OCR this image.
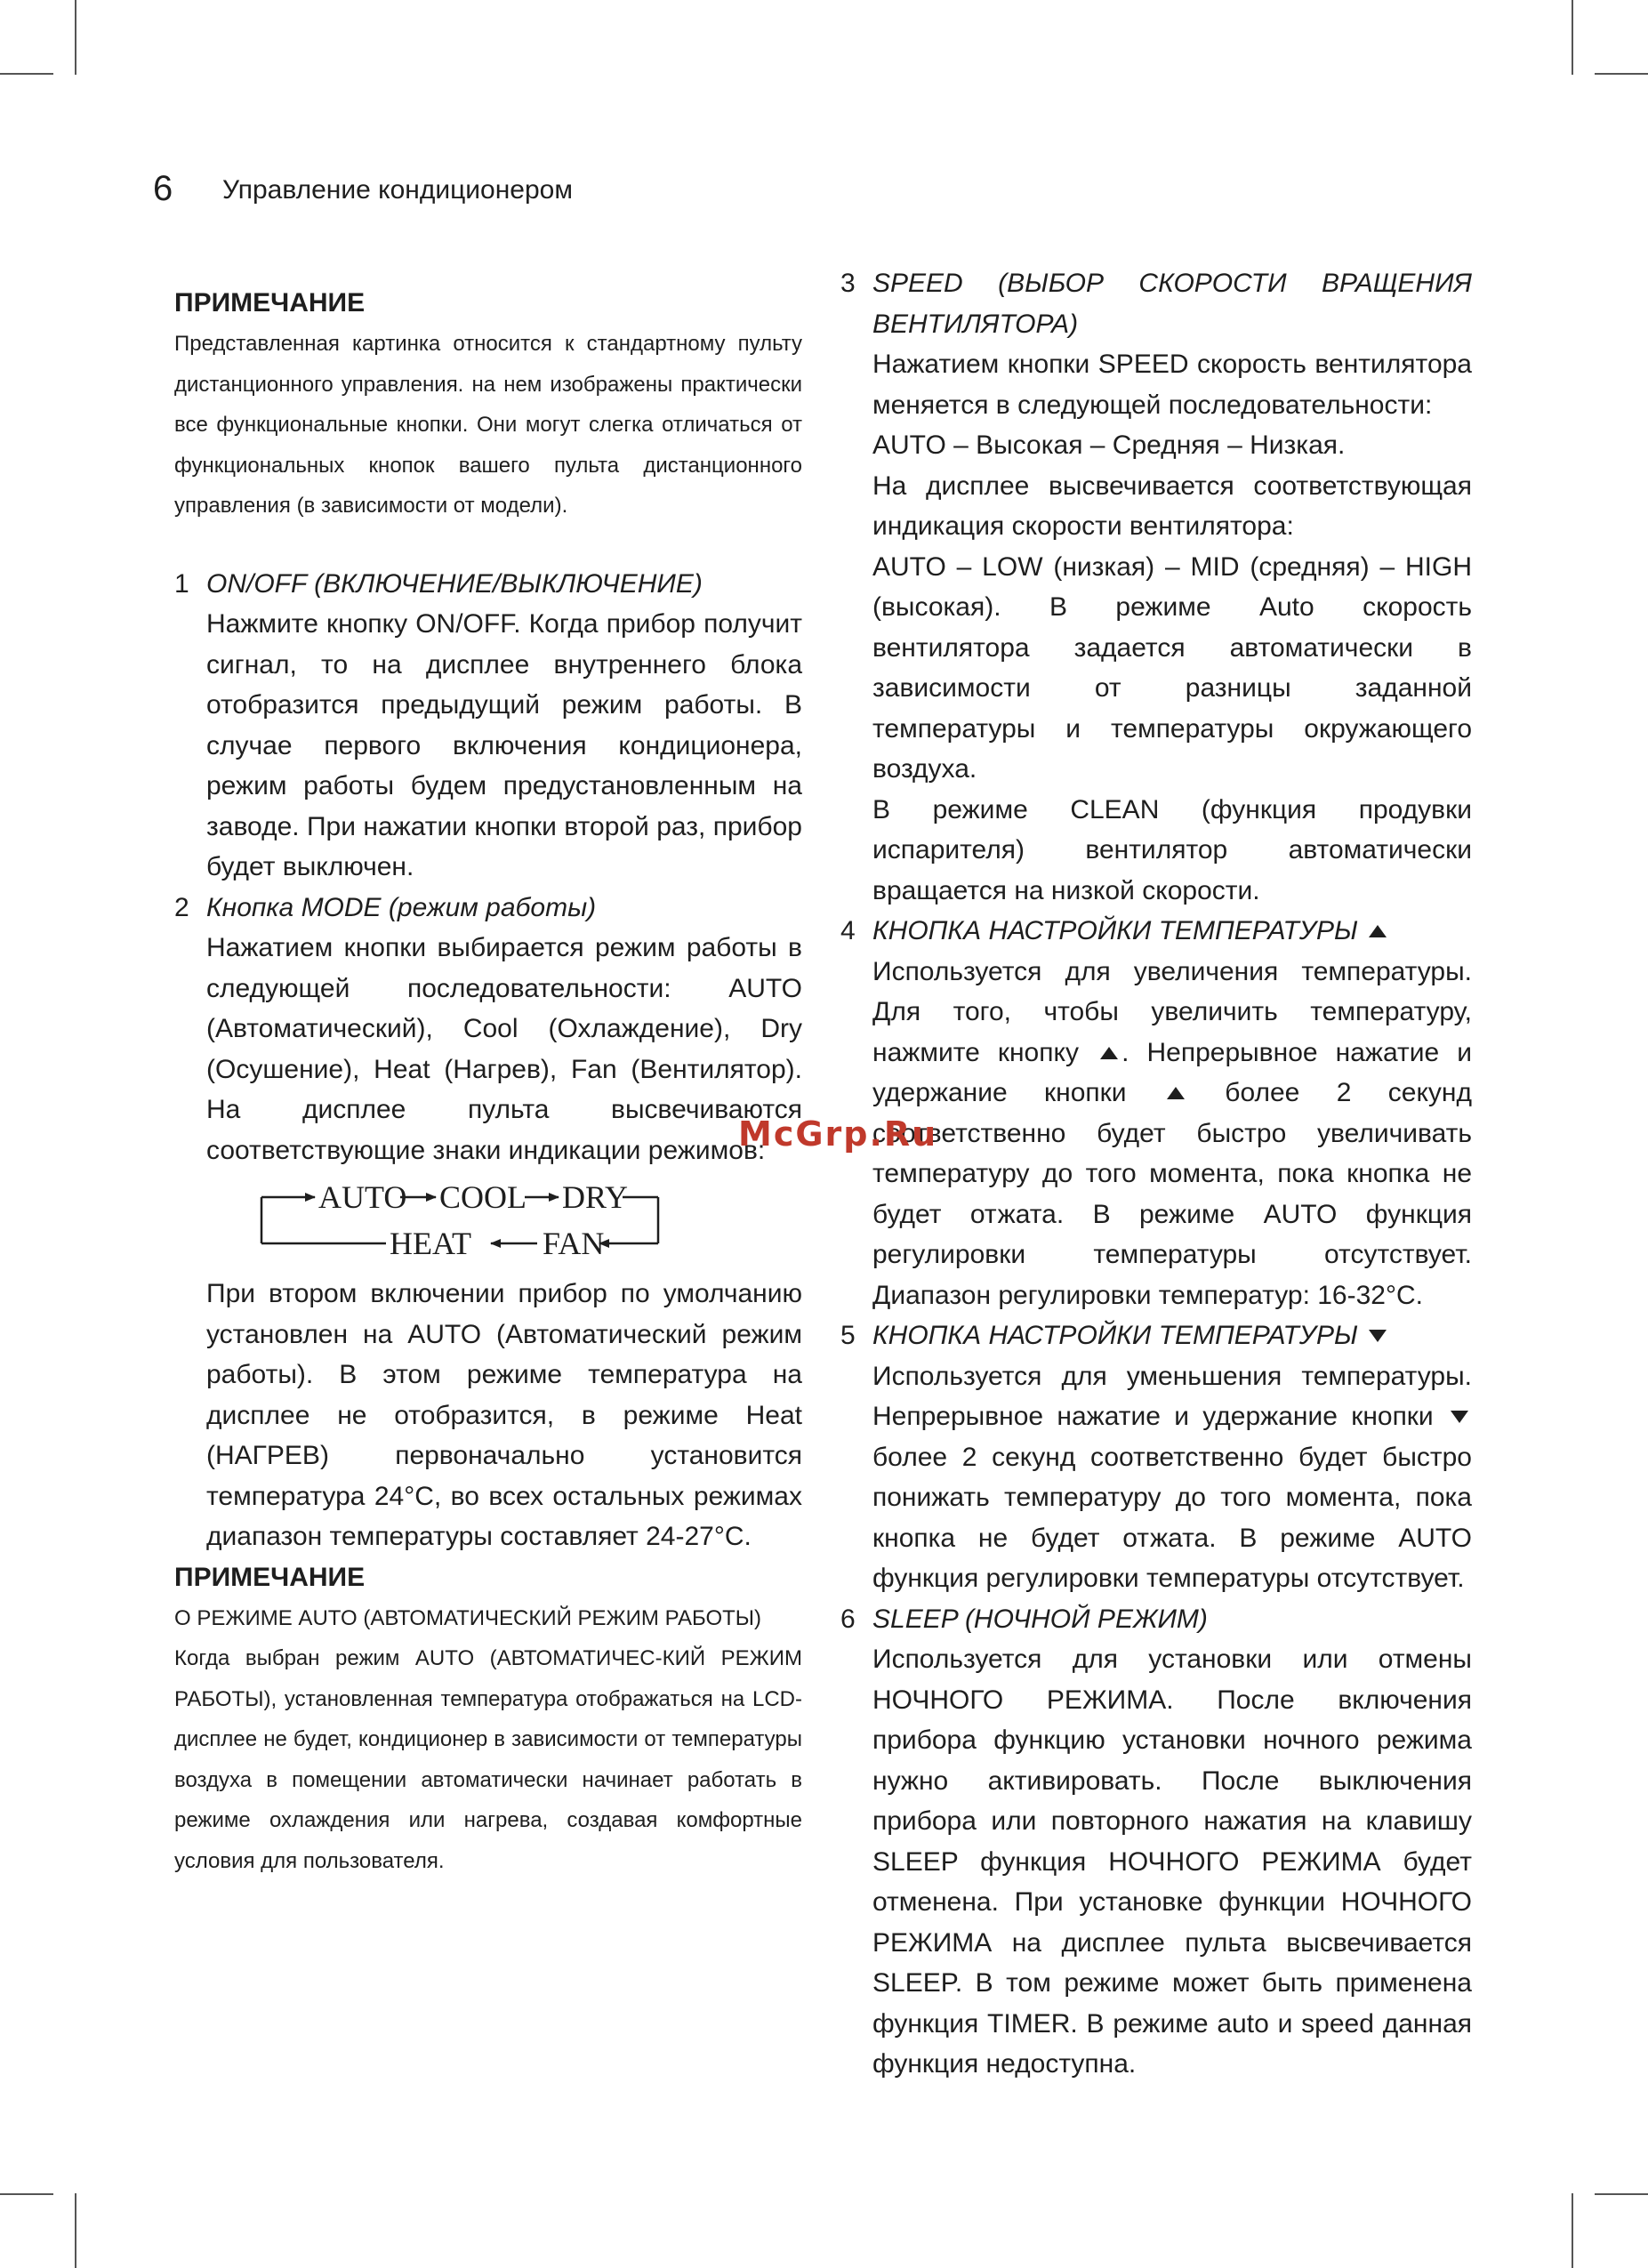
6 Управление кондиционером
ПРИМЕЧАНИЕ
Представленная картинка относится к стандартному пульту дистанционного управления. на нем изображены практически все функциональные кнопки. Они могут слегка отличаться от функциональных кнопок вашего пульта дистанционного управления (в зависимости от модели).
1 ON/OFF (ВКЛЮЧЕНИЕ/ВЫКЛЮЧЕНИЕ)
Нажмите кнопку ON/OFF. Когда прибор получит сигнал, то на дисплее внутреннего блока отобразится предыдущий режим работы. В случае первого включения кондиционера, режим работы будем предустановленным на заводе. При нажатии кнопки второй раз, прибор будет выключен.
2 Кнопка MODE (режим работы)
Нажатием кнопки выбирается режим работы в следующей последовательности: AUTO (Автоматический), Cool (Охлаждение), Dry (Осушение), Heat (Нагрев), Fan (Вентилятор). На дисплее пульта высвечиваются соответствующие знаки индикации режимов:
AUTO COOL DRY
FAN
HEAT
При втором включении прибор по умолчанию установлен на AUTO (Автоматический режим работы). В этом режиме температура на дисплее не отобразится, в режиме Heat (НАГРЕВ) первоначально установится температура 24°C, во всех остальных режимах диапазон температуры составляет 24-27°C.
ПРИМЕЧАНИЕ
О РЕЖИМЕ AUTO (АВТОМАТИЧЕСКИЙ РЕЖИМ РАБОТЫ)
Когда выбран режим AUTO (АВТОМАТИЧЕС-КИЙ РЕЖИМ РАБОТЫ), установленная температура отображаться на LCD-дисплее не будет, кондиционер в зависимости от температуры воздуха в помещении автоматически начинает работать в режиме охлаждения или нагрева, создавая комфортные условия для пользователя.
3 SPEED (ВЫБОР СКОРОСТИ ВРАЩЕНИЯ ВЕНТИЛЯТОРА)
Нажатием кнопки SPEED скорость вентилятора меняется в следующей последовательности:
AUTO – Высокая – Средняя – Низкая.
На дисплее высвечивается соответствующая индикация скорости вентилятора:
AUTO – LOW (низкая) – MID (средняя) – HIGH (высокая). В режиме Auto скорость вентилятора задается автоматически в зависимости от разницы заданной температуры и температуры окружающего воздуха.
В режиме CLEAN (функция продувки испарителя) вентилятор автоматически вращается на низкой скорости.
4 КНОПКА НАСТРОЙКИ ТЕМПЕРАТУРЫ
Используется для увеличения температуры. Для того, чтобы увеличить температуру, нажмите кнопку . Непрерывное нажатие и удержание кнопки	более 2 секунд соответственно будет быстро увеличивать температуру до того момента, пока кнопка не будет отжата. В режиме AUTO функция регулировки температуры отсутствует. Диапазон регулировки температур: 16-32°C.
5 КНОПКА НАСТРОЙКИ ТЕМПЕРАТУРЫ
Используется для уменьшения температуры. Непрерывное нажатие и удержание кнопки  более 2 секунд соответственно будет быстро понижать температуру до того момента, пока кнопка не будет отжата. В режиме AUTO функция регулировки температуры отсутствует.
6 SLEEP (НОЧНОЙ РЕЖИМ)
Используется для установки или отмены НОЧНОГО РЕЖИМА. После включения прибора функцию установки ночного режима нужно активировать. После выключения прибора или повторного нажатия на клавишу SLEEP функция НОЧНОГО РЕЖИМА будет отменена. При установке функции НОЧНОГО РЕЖИМА на дисплее пульта высвечивается SLEEP. В том режиме может быть применена функция TIMER. В режиме auto и speed данная функция недоступна.
McGrp.Ru
